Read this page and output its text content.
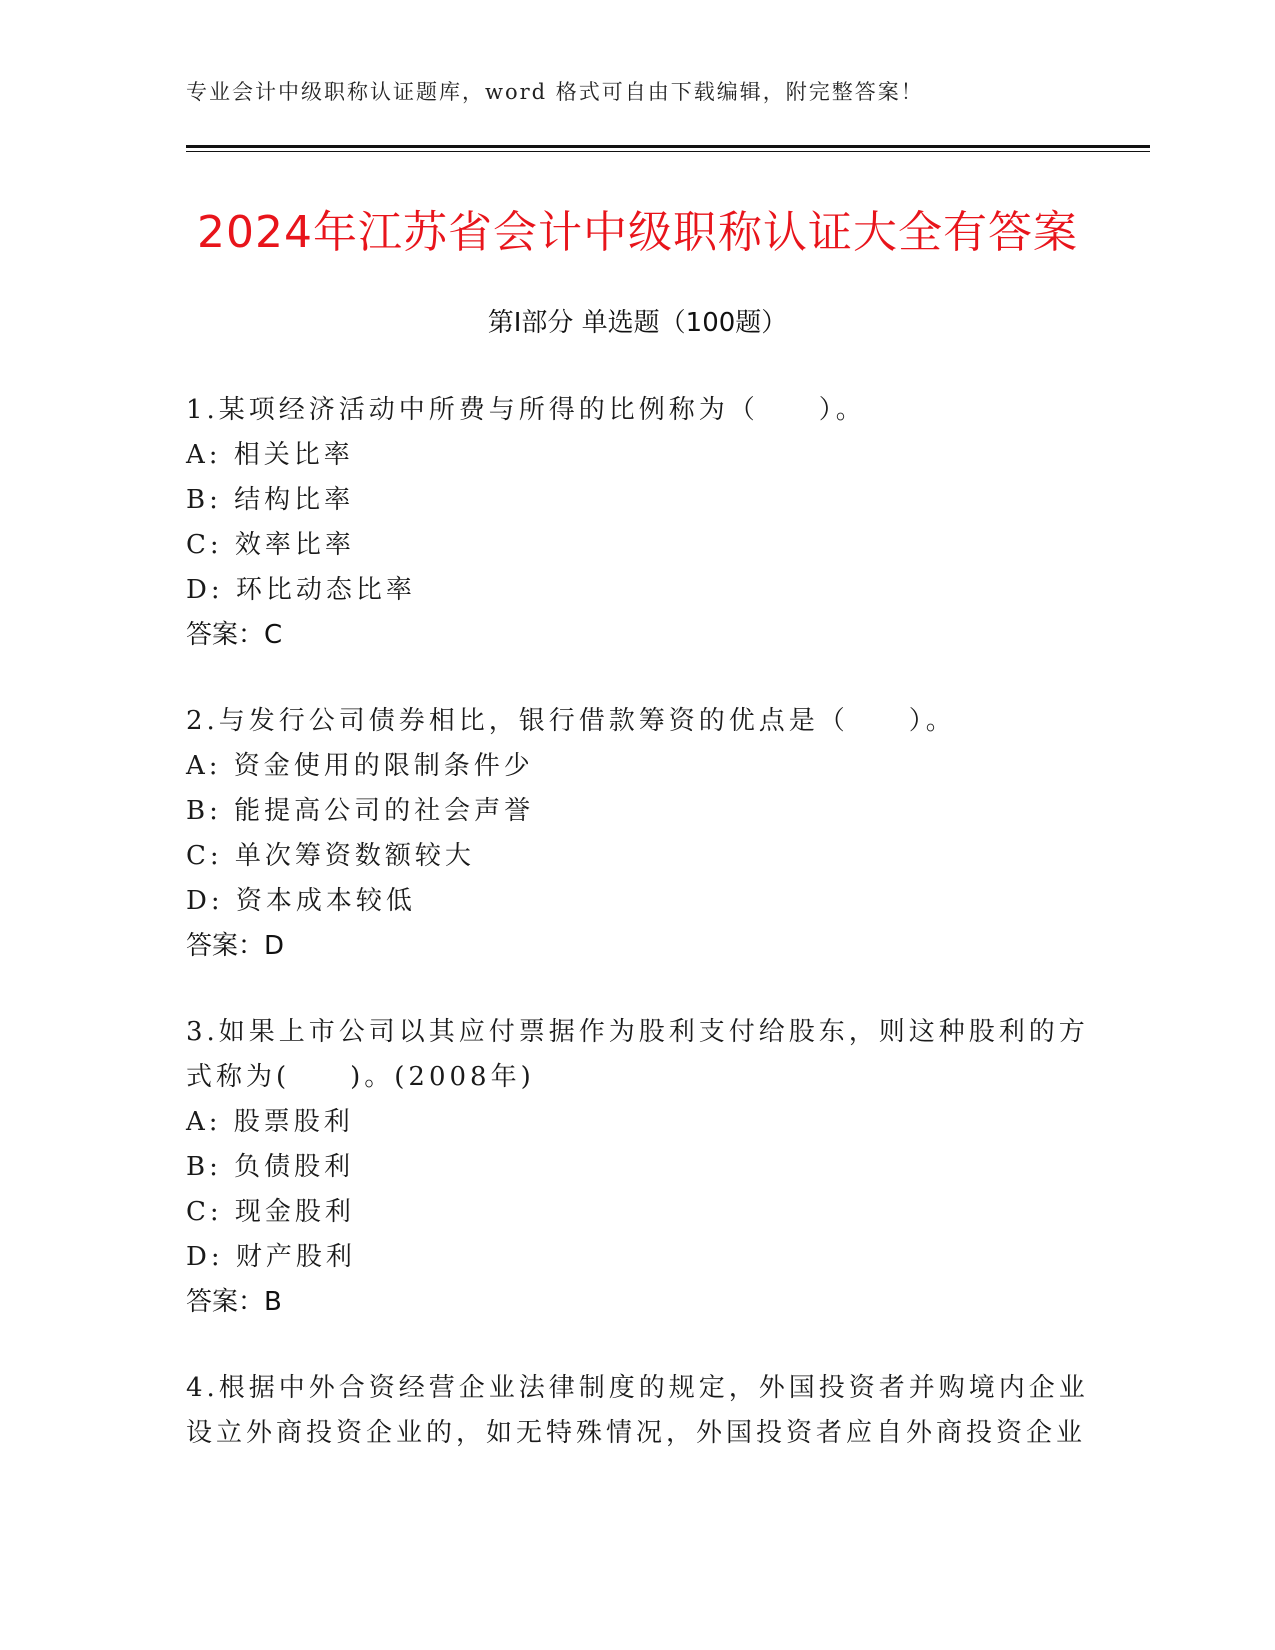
专业会计中级职称认证题库，word 格式可自由下载编辑，附完整答案！
2024年江苏省会计中级职称认证大全有答案
第I部分 单选题（100题）
1.某项经济活动中所费与所得的比例称为（　　）。
A: 相关比率
B: 结构比率
C: 效率比率
D: 环比动态比率
答案：C
2.与发行公司债券相比，银行借款筹资的优点是（　　）。
A: 资金使用的限制条件少
B: 能提高公司的社会声誉
C: 单次筹资数额较大
D: 资本成本较低
答案：D
3.如果上市公司以其应付票据作为股利支付给股东，则这种股利的方
式称为(　　)。(2008年)
A: 股票股利
B: 负债股利
C: 现金股利
D: 财产股利
答案：B
4.根据中外合资经营企业法律制度的规定，外国投资者并购境内企业
设立外商投资企业的，如无特殊情况，外国投资者应自外商投资企业
